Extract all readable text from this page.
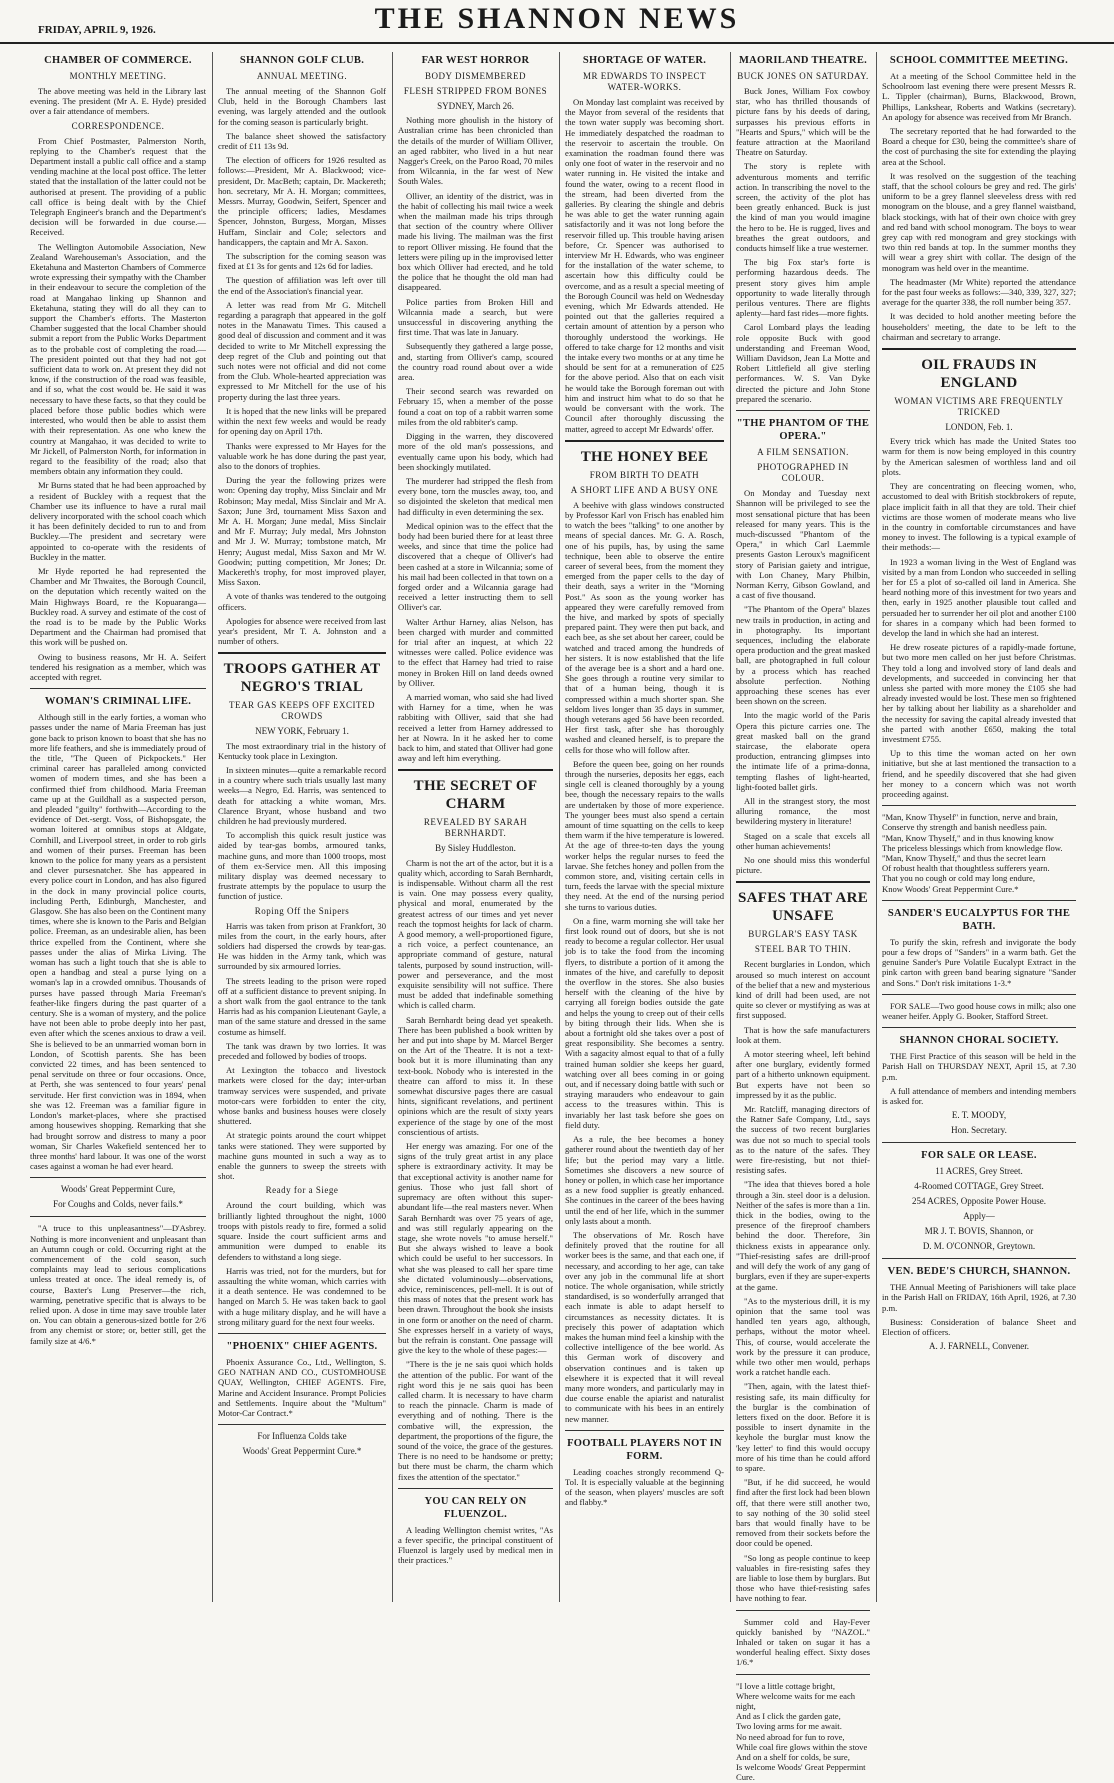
FRIDAY, APRIL 9, 1926.	THE SHANNON NEWS
CHAMBER OF COMMERCE.
MONTHLY MEETING.

The above meeting was held in the Library last evening. The president (Mr A. E. Hyde) presided over a fair attendance of members.

CORRESPONDENCE.

From Chief Postmaster, Palmerston North, replying to the Chamber's request that the Department install a public call office and a stamp vending machine at the local post office. The letter stated that the installation of the latter could not be authorised at present. The providing of a public call office is being dealt with by the Chief Telegraph Engineer's branch and the Department's decision will be forwarded in due course.—Received.

The Wellington Automobile Association, New Zealand Warehouseman's Association, and the Eketahuna and Masterton Chambers of Commerce wrote expressing their sympathy with the Chamber in their endeavour to secure the completion of the road at Mangahao linking up Shannon and Eketahuna, stating they will do all they can to support the Chamber's efforts. The Masterton Chamber suggested that the local Chamber should submit a report from the Public Works Department as to the probable cost of completing the road.—The president pointed out that they had not got sufficient data to work on. At present they did not know, if the construction of the road was feasible, and if so, what the cost would be. He said it was necessary to have these facts, so that they could be placed before those public bodies which were interested, who would then be able to assist them with their representation. As one who knew the country at Mangahao, it was decided to write to Mr Jickell, of Palmerston North, for information in regard to the feasibility of the road; also that members obtain any information they could.

Mr Burns stated that he had been approached by a resident of Buckley with a request that the Chamber use its influence to have a rural mail delivery incorporated with the school coach which it has been definitely decided to run to and from Buckley.—The president and secretary were appointed to co-operate with the residents of Buckley in the matter.

Mr Hyde reported he had represented the Chamber and Mr Thwaites, the Borough Council, on the deputation which recently waited on the Main Highways Board, re the Kopuaranga—Buckley road. A survey and estimate of the cost of the road is to be made by the Public Works Department and the Chairman had promised that this work will be pushed on.

Owing to business reasons, Mr H. A. Seifert tendered his resignation as a member, which was accepted with regret.

WOMAN'S CRIMINAL LIFE.

Although still in the early forties, a woman who passes under the name of Maria Freeman has just gone back to prison known to boast that she has no more life feathers, and she is immediately proud of the title, "The Queen of Pickpockets." Her criminal career has paralleled among convicted women of modern times, and she has been a confirmed thief from childhood. Maria Freeman came up at the Guildhall as a suspected person, and pleaded "guilty" forthwith—According to the evidence of Det.-sergt. Voss, of Bishopsgate, the woman loitered at omnibus stops at Aldgate, Cornhill, and Liverpool street, in order to rob girls and women of their purses. Freeman has been known to the police for many years as a persistent and clever pursesnatcher. She has appeared in every police court in London, and has also figured in the dock in many provincial police courts, including Perth, Edinburgh, Manchester, and Glasgow. She has also been on the Continent many times, where she is known to the Paris and Belgian police. Freeman, as an undesirable alien, has been thrice expelled from the Continent, where she passes under the alias of Mirka Living. The woman has such a light touch that she is able to open a handbag and steal a purse lying on a woman's lap in a crowded omnibus. Thousands of purses have passed through Maria Freeman's feather-like fingers during the past quarter of a century. She is a woman of mystery, and the police have not been able to probe deeply into her past, even after which the scenes anxious to draw a veil. She is believed to be an unmarried woman born in London, of Scottish parents. She has been convicted 22 times, and has been sentenced to penal servitude on three or four occasions. Once, at Perth, she was sentenced to four years' penal servitude. Her first conviction was in 1894, when she was 12. Freeman was a familiar figure in London's market-places, where she practised among housewives shopping. Remarking that she had brought sorrow and distress to many a poor woman, Sir Charles Wakefield sentenced her to three months' hard labour. It was one of the worst cases against a woman he had ever heard.

Woods' Great Peppermint Cure,
For Coughs and Colds, never fails.*

"A truce to this unpleasantness"—D'Asbrey. Nothing is more inconvenient and unpleasant than an Autumn cough or cold. Occurring right at the commencement of the cold season, such complaints may lead to serious complications unless treated at once. The ideal remedy is, of course, Baxter's Lung Preserver—the rich, warming, penetrative specific that is always to be relied upon. A dose in time may save trouble later on. You can obtain a generous-sized bottle for 2/6 from any chemist or store; or, better still, get the family size at 4/6.*

SHANNON GOLF CLUB.
ANNUAL MEETING.

The annual meeting of the Shannon Golf Club, held in the Borough Chambers last evening, was largely attended and the outlook for the coming season is particularly bright.

The balance sheet showed the satisfactory credit of £11 13s 9d.

The election of officers for 1926 resulted as follows:—President, Mr A. Blackwood; vice-president, Dr. MacBeth; captain, Dr. Mackereth; hon. secretary, Mr A. H. Morgan; committees, Messrs. Murray, Goodwin, Seifert, Spencer and the principle officers; ladies, Mesdames Spencer, Johnston, Burgess, Morgan, Misses Huffam, Sinclair and Cole; selectors and handicappers, the captain and Mr A. Saxon.

The subscription for the coming season was fixed at £1 3s for gents and 12s 6d for ladies.

The question of affiliation was left over till the end of the Association's financial year.

A letter was read from Mr G. Mitchell regarding a paragraph that appeared in the golf notes in the Manawatu Times. This caused a good deal of discussion and comment and it was decided to write to Mr Mitchell expressing the deep regret of the Club and pointing out that such notes were not official and did not come from the Club. Whole-hearted appreciation was expressed to Mr Mitchell for the use of his property during the last three years.

It is hoped that the new links will be prepared within the next few weeks and would be ready for opening day on April 17th.

Thanks were expressed to Mr Hayes for the valuable work he has done during the past year, also to the donors of trophies.

During the year the following prizes were won: Opening day trophy, Miss Sinclair and Mr Robinson; May medal, Miss Sinclair and Mr A. Saxon; June 3rd, tournament Miss Saxon and Mr A. H. Morgan; June medal, Miss Sinclair and Mr F. Murray; July medal, Mrs Johnston and Mr J. W. Murray; tombstone match, Mr Henry; August medal, Miss Saxon and Mr W. Goodwin; putting competition, Mr Jones; Dr. Mackereth's trophy, for most improved player, Miss Saxon.

A vote of thanks was tendered to the outgoing officers.

Apologies for absence were received from last year's president, Mr T. A. Johnston and a number of others.

TROOPS GATHER AT NEGRO'S TRIAL
TEAR GAS KEEPS OFF EXCITED CROWDS
NEW YORK, February 1.

The most extraordinary trial in the history of Kentucky took place in Lexington.

In sixteen minutes—quite a remarkable record in a country where such trials usually last many weeks—a Negro, Ed. Harris, was sentenced to death for attacking a white woman, Mrs. Clarence Bryant, whose husband and two children he had previously murdered.

To accomplish this quick result justice was aided by tear-gas bombs, armoured tanks, machine guns, and more than 1000 troops, most of them ex-Service men. All this imposing military display was deemed necessary to frustrate attempts by the populace to usurp the function of justice.

Roping Off the Snipers

Harris was taken from prison at Frankfort, 30 miles from the court, in the early hours, after soldiers had dispersed the crowds by tear-gas. He was hidden in the Army tank, which was surrounded by six armoured lorries.

The streets leading to the prison were roped off at a sufficient distance to prevent sniping. In a short walk from the gaol entrance to the tank Harris had as his companion Lieutenant Gayle, a man of the same stature and dressed in the same costume as himself.

The tank was drawn by two lorries. It was preceded and followed by bodies of troops.

At Lexington the tobacco and livestock markets were closed for the day; inter-urban tramway services were suspended, and private motor-cars were forbidden to enter the city, whose banks and business houses were closely shuttered.

At strategic points around the court whippet tanks were stationed. They were supported by machine guns mounted in such a way as to enable the gunners to sweep the streets with shot.

Ready for a Siege

Around the court building, which was brilliantly lighted throughout the night, 1000 troops with pistols ready to fire, formed a solid square. Inside the court sufficient arms and ammunition were dumped to enable its defenders to withstand a long siege.

Harris was tried, not for the murders, but for assaulting the white woman, which carries with it a death sentence. He was condemned to be hanged on March 5. He was taken back to gaol with a huge military display, and he will have a strong military guard for the next four weeks.

"PHOENIX" CHIEF AGENTS.

Phoenix Assurance Co., Ltd., Wellington, S. GEO NATHAN AND CO., CUSTOMHOUSE QUAY, Wellington, CHIEF AGENTS. Fire, Marine and Accident Insurance. Prompt Policies and Settlements. Inquire about the "Multum" Motor-Car Contract.*

For Influenza Colds take
Woods' Great Peppermint Cure.*
FAR WEST HORROR
BODY DISMEMBERED
FLESH STRIPPED FROM BONES
SYDNEY, March 26.

Nothing more ghoulish in the history of Australian crime has been chronicled than the details of the murder of William Olliver, an aged rabbiter, who lived in a hut near Nagger's Creek, on the Paroo Road, 70 miles from Wilcannia, in the far west of New South Wales.

Olliver, an identity of the district, was in the habit of collecting his mail twice a week when the mailman made his trips through that section of the country where Olliver made his living. The mailman was the first to report Olliver missing. He found that the letters were piling up in the improvised letter box which Olliver had erected, and he told the police that he thought the old man had disappeared.

Police parties from Broken Hill and Wilcannia made a search, but were unsuccessful in discovering anything the first time. That was late in January.

Subsequently they gathered a large posse, and, starting from Olliver's camp, scoured the country road round about over a wide area.

Their second search was rewarded on February 15, when a member of the posse found a coat on top of a rabbit warren some miles from the old rabbiter's camp.

Digging in the warren, they discovered more of the old man's possessions, and eventually came upon his body, which had been shockingly mutilated.

The murderer had stripped the flesh from every bone, torn the muscles away, too, and so disjointed the skeleton that medical men had difficulty in even determining the sex.

Medical opinion was to the effect that the body had been buried there for at least three weeks, and since that time the police had discovered that a cheque of Olliver's had been cashed at a store in Wilcannia; some of his mail had been collected in that town on a forged order and a Wilcannia garage had received a letter instructing them to sell Olliver's car.

Walter Arthur Harney, alias Nelson, has been charged with murder and committed for trial after an inquest, at which 22 witnesses were called. Police evidence was to the effect that Harney had tried to raise money in Broken Hill on land deeds owned by Olliver.

A married woman, who said she had lived with Harney for a time, when he was rabbiting with Olliver, said that she had received a letter from Harney addressed to her at Nowra. In it he asked her to come back to him, and stated that Olliver had gone away and left him everything.

THE SECRET OF CHARM
REVEALED BY SARAH BERNHARDT.
By Sisley Huddleston.

Charm is not the art of the actor, but it is a quality which, according to Sarah Bernhardt, is indispensable. Without charm all the rest is vain. One may possess every quality, physical and moral, enumerated by the greatest actress of our times and yet never reach the topmost heights for lack of charm. A good memory, a well-proportioned figure, a rich voice, a perfect countenance, an appropriate command of gesture, natural talents, purposed by sound instruction, will-power and perseverance, and the most exquisite sensibility will not suffice. There must be added that indefinable something which is called charm.

Sarah Bernhardt being dead yet speaketh. There has been published a book written by her and put into shape by M. Marcel Berger on the Art of the Theatre. It is not a text-book but it is more illuminating than any text-book. Nobody who is interested in the theatre can afford to miss it. In these somewhat discursive pages there are casual hints, significant revelations, and pertinent opinions which are the result of sixty years experience of the stage by one of the most conscientious of artists.

Her energy was amazing. For one of the signs of the truly great artist in any place sphere is extraordinary activity. It may be that exceptional activity is another name for genius. Those who just fall short of supremacy are often without this super-abundant life—the real masters never. When Sarah Bernhardt was over 75 years of age, and was still regularly appearing on the stage, she wrote novels "to amuse herself." But she always wished to leave a book which could be useful to her successors. In what she was pleased to call her spare time she dictated voluminously—observations, advice, reminiscences, pell-mell. It is out of this mass of notes that the present work has been drawn. Throughout the book she insists in one form or another on the need of charm. She expresses herself in a variety of ways, but the refrain is constant. One passage will give the key to the whole of these pages:—

"There is the je ne sais quoi which holds the attention of the public. For want of the right word this je ne sais quoi has been called charm. It is necessary to have charm to reach the pinnacle. Charm is made of everything and of nothing. There is the combative will, the expression, the department, the proportions of the figure, the sound of the voice, the grace of the gestures. There is no need to be handsome or pretty; but there must be charm, the charm which fixes the attention of the spectator."

YOU CAN RELY ON FLUENZOL.

A leading Wellington chemist writes, "As a fever specific, the principal constituent of Fluenzol is largely used by medical men in their practices."

SHORTAGE OF WATER.
MR EDWARDS TO INSPECT WATER-WORKS.

On Monday last complaint was received by the Mayor from several of the residents that the town water supply was becoming short. He immediately despatched the roadman to the reservoir to ascertain the trouble. On examination the roadman found there was only one foot of water in the reservoir and no water running in. He visited the intake and found the water, owing to a recent flood in the stream, had been diverted from the galleries. By clearing the shingle and debris he was able to get the water running again satisfactorily and it was not long before the reservoir filled up. This trouble having arisen before, Cr. Spencer was authorised to interview Mr H. Edwards, who was engineer for the installation of the water scheme, to ascertain how this difficulty could be overcome, and as a result a special meeting of the Borough Council was held on Wednesday evening, which Mr Edwards attended. He pointed out that the galleries required a certain amount of attention by a person who thoroughly understood the workings. He offered to take charge for 12 months and visit the intake every two months or at any time he should be sent for at a remuneration of £25 for the above period. Also that on each visit he would take the Borough foreman out with him and instruct him what to do so that he would be conversant with the work. The Council after thoroughly discussing the matter, agreed to accept Mr Edwards' offer.

THE HONEY BEE
FROM BIRTH TO DEATH
A SHORT LIFE AND A BUSY ONE

A beehive with glass windows constructed by Professor Karl von Frisch has enabled him to watch the bees "talking" to one another by means of special dances. Mr. G. A. Rosch, one of his pupils, has, by using the same technique, been able to observe the entire career of several bees, from the moment they emerged from the paper cells to the day of their death, says a writer in the "Morning Post." As soon as the young worker has appeared they were carefully removed from the hive, and marked by spots of specially prepared paint. They were then put back, and each bee, as she set about her career, could be watched and traced among the hundreds of her sisters. It is now established that the life of the average bee is a short and a hard one. She goes through a routine very similar to that of a human being, though it is compressed within a much shorter span. She seldom lives longer than 35 days in summer, though veterans aged 56 have been recorded. Her first task, after she has thoroughly washed and cleaned herself, is to prepare the cells for those who will follow after.

Before the queen bee, going on her rounds through the nurseries, deposits her eggs, each single cell is cleaned thoroughly by a young bee, though the necessary repairs to the walls are undertaken by those of more experience. The younger bees must also spend a certain amount of time squatting on the cells to keep them warm if the hive temperature is lowered. At the age of three-to-ten days the young worker helps the regular nurses to feed the larvae. She fetches honey and pollen from the common store, and, visiting certain cells in turn, feeds the larvae with the special mixture they need. At the end of the nursing period she turns to various duties.

On a fine, warm morning she will take her first look round out of doors, but she is not ready to become a regular collector. Her usual job is to take the food from the incoming flyers, to distribute a portion of it among the inmates of the hive, and carefully to deposit the overflow in the stores. She also busies herself with the cleaning of the hive by carrying all foreign bodies outside the gate and helps the young to creep out of their cells by biting through their lids. When she is about a fortnight old she takes over a post of great responsibility. She becomes a sentry. With a sagacity almost equal to that of a fully trained human soldier she keeps her guard, watching over all bees coming in or going out, and if necessary doing battle with such or straying marauders who endeavour to gain access to the treasures within. This is invariably her last task before she goes on field duty.

As a rule, the bee becomes a honey gatherer round about the twentieth day of her life; but the period may vary a little. Sometimes she discovers a new source of honey or pollen, in which case her importance as a new food supplier is greatly enhanced. She continues in the career of the bees having until the end of her life, which in the summer only lasts about a month.

The observations of Mr. Rosch have definitely proved that the routine for all worker bees is the same, and that each one, if necessary, and according to her age, can take over any job in the communal life at short notice. The whole organisation, while strictly standardised, is so wonderfully arranged that each inmate is able to adapt herself to circumstances as necessity dictates. It is precisely this power of adaptation which makes the human mind feel a kinship with the collective intelligence of the bee world. As this German work of discovery and observation continues and is taken up elsewhere it is expected that it will reveal many more wonders, and particularly may in due course enable the apiarist and naturalist to communicate with his bees in an entirely new manner.

FOOTBALL PLAYERS NOT IN FORM.

Leading coaches strongly recommend Q-Tol. It is especially valuable at the beginning of the season, when players' muscles are soft and flabby.*

MAORILAND THEATRE.
BUCK JONES ON SATURDAY.

Buck Jones, William Fox cowboy star, who has thrilled thousands of picture fans by his deeds of daring, surpasses his previous efforts in "Hearts and Spurs," which will be the feature attraction at the Maoriland Theatre on Saturday.

The story is replete with adventurous moments and terrific action. In transcribing the novel to the screen, the activity of the plot has been greatly enhanced. Buck is just the kind of man you would imagine the hero to be. He is rugged, lives and breathes the great outdoors, and conducts himself like a true westerner.

The big Fox star's forte is performing hazardous deeds. The present story gives him ample opportunity to wade literally through perilous ventures. There are flights aplenty—hard fast rides—more fights.

Carol Lombard plays the leading role opposite Buck with good understanding and Freeman Wood, William Davidson, Jean La Motte and Robert Littlefield all give sterling performances. W. S. Van Dyke directed the picture and John Stone prepared the scenario.

"THE PHANTOM OF THE OPERA."
A FILM SENSATION.
PHOTOGRAPHED IN COLOUR.

On Monday and Tuesday next Shannon will be privileged to see the most sensational picture that has been released for many years. This is the much-discussed "Phantom of the Opera," in which Carl Laemmle presents Gaston Leroux's magnificent story of Parisian gaiety and intrigue, with Lon Chaney, Mary Philbin, Norman Kerry, Gibson Gowland, and a cast of five thousand.

"The Phantom of the Opera" blazes new trails in production, in acting and in photography. Its important sequences, including the elaborate opera production and the great masked ball, are photographed in full colour by a process which has reached absolute perfection. Nothing approaching these scenes has ever been shown on the screen.

Into the magic world of the Paris Opera this picture carries one. The great masked ball on the grand staircase, the elaborate opera production, entrancing glimpses into the intimate life of a prima-donna, tempting flashes of light-hearted, light-footed ballet girls.

All in the strangest story, the most alluring romance, the most bewildering mystery in literature!

Staged on a scale that excels all other human achievements!

No one should miss this wonderful picture.

SAFES THAT ARE UNSAFE
BURGLAR'S EASY TASK
STEEL BAR TO THIN.

Recent burglaries in London, which aroused so much interest on account of the belief that a new and mysterious kind of drill had been used, are not quite so clever or mystifying as was at first supposed.

That is how the safe manufacturers look at them.

A motor steering wheel, left behind after one burglary, evidently formed part of a hitherto unknown equipment. But experts have not been so impressed by it as the public.

Mr. Ratcliff, managing directors of the Ratner Safe Company, Ltd., says the success of two recent burglaries was due not so much to special tools as to the nature of the safes. They were fire-resisting, but not thief-resisting safes.

"The idea that thieves bored a hole through a 3in. steel door is a delusion. Neither of the safes is more than a 1in. thick in the bodies, owing to the presence of the fireproof chambers behind the door. Therefore, 3in thickness exists in appearance only. "Thief-resisting safes are drill-proof and will defy the work of any gang of burglars, even if they are super-experts at the game.

"As to the mysterious drill, it is my opinion that the same tool was handled ten years ago, although, perhaps, without the motor wheel. This, of course, would accelerate the work by the pressure it can produce, while two other men would, perhaps work a ratchet handle each.

"Then, again, with the latest thief-resisting safe, its main difficulty for the burglar is the combination of letters fixed on the door. Before it is possible to insert dynamite in the keyhole the burglar must know the 'key letter' to find this would occupy more of his time than he could afford to spare.

"But, if he did succeed, he would find after the first lock had been blown off, that there were still another two, to say nothing of the 30 solid steel bars that would finally have to be removed from their sockets before the door could be opened.

"So long as people continue to keep valuables in fire-resisting safes they are liable to lose them by burglars. But those who have thief-resisting safes have nothing to fear.

Summer cold and Hay-Fever quickly banished by "NAZOL." Inhaled or taken on sugar it has a wonderful healing effect. Sixty doses 1/6.*

"I love a little cottage bright,
Where welcome waits for me each night,
And as I click the garden gate,
Two loving arms for me await.
No need abroad for fun to rove,
While coal fire glows within the stove
And on a shelf for colds, be sure,
Is welcome Woods' Great Peppermint Cure.
SCHOOL COMMITTEE MEETING.

At a meeting of the School Committee held in the Schoolroom last evening there were present Messrs R. L. Tippler (chairman), Burns, Blackwood, Brown, Phillips, Lankshear, Roberts and Watkins (secretary). An apology for absence was received from Mr Branch.

The secretary reported that he had forwarded to the Board a cheque for £30, being the committee's share of the cost of purchasing the site for extending the playing area at the School.

It was resolved on the suggestion of the teaching staff, that the school colours be grey and red. The girls' uniform to be a grey flannel sleeveless dress with red monogram on the blouse, and a grey flannel waistband, black stockings, with hat of their own choice with grey and red band with school monogram. The boys to wear grey cap with red monogram and grey stockings with two thin red bands at top. In the summer months they will wear a grey shirt with collar. The design of the monogram was held over in the meantime.

The headmaster (Mr White) reported the attendance for the past four weeks as follows:—340, 339, 327, 327; average for the quarter 338, the roll number being 357.

It was decided to hold another meeting before the householders' meeting, the date to be left to the chairman and secretary to arrange.

OIL FRAUDS IN ENGLAND
WOMAN VICTIMS ARE FREQUENTLY TRICKED
LONDON, Feb. 1.

Every trick which has made the United States too warm for them is now being employed in this country by the American salesmen of worthless land and oil plots.

They are concentrating on fleecing women, who, accustomed to deal with British stockbrokers of repute, place implicit faith in all that they are told. Their chief victims are those women of moderate means who live in the country in comfortable circumstances and have money to invest. The following is a typical example of their methods:—

In 1923 a woman living in the West of England was visited by a man from London who succeeded in selling her for £5 a plot of so-called oil land in America. She heard nothing more of this investment for two years and then, early in 1925 another plausible tout called and persuaded her to surrender her oil plot and another £100 for shares in a company which had been formed to develop the land in which she had an interest.

He drew roseate pictures of a rapidly-made fortune, but two more men called on her just before Christmas. They told a long and involved story of land deals and developments, and succeeded in convincing her that unless she parted with more money the £105 she had already invested would be lost. These men so frightened her by talking about her liability as a shareholder and the necessity for saving the capital already invested that she parted with another £650, making the total investment £755.

Up to this time the woman acted on her own initiative, but she at last mentioned the transaction to a friend, and he speedily discovered that she had given her money to a concern which was not worth proceeding against.

"Man, Know Thyself" in function, nerve and brain,
Conserve thy strength and banish needless pain.
"Man, Know Thyself," and in thus knowing know
The priceless blessings which from knowledge flow.
"Man, Know Thyself," and thus the secret learn
Of robust health that thoughtless sufferers yearn.
That you no cough or cold may long endure,
Know Woods' Great Peppermint Cure.*
SANDER'S EUCALYPTUS FOR THE BATH.

To purify the skin, refresh and invigorate the body pour a few drops of "Sanders" in a warm bath. Get the genuine Sander's Pure Volatile Eucalypt Extract in the pink carton with green band bearing signature "Sander and Sons." Don't risk imitations 1-3.*

FOR SALE—Two good house cows in milk; also one weaner heifer. Apply G. Booker, Stafford Street.

SHANNON CHORAL SOCIETY.

THE First Practice of this season will be held in the Parish Hall on THURSDAY NEXT, April 15, at 7.30 p.m.

A full attendance of members and intending members is asked for.

E. T. MOODY,
Hon. Secretary.
FOR SALE OR LEASE.
11 ACRES, Grey Street.
4-Roomed COTTAGE, Grey Street.
254 ACRES, Opposite Power House.
Apply—
MR J. T. BOVIS, Shannon, or
D. M. O'CONNOR, Greytown.
VEN. BEDE'S CHURCH, SHANNON.

THE Annual Meeting of Parishioners will take place in the Parish Hall on FRIDAY, 16th April, 1926, at 7.30 p.m.

Business: Consideration of balance Sheet and Election of officers.

A. J. FARNELL, Convener.
